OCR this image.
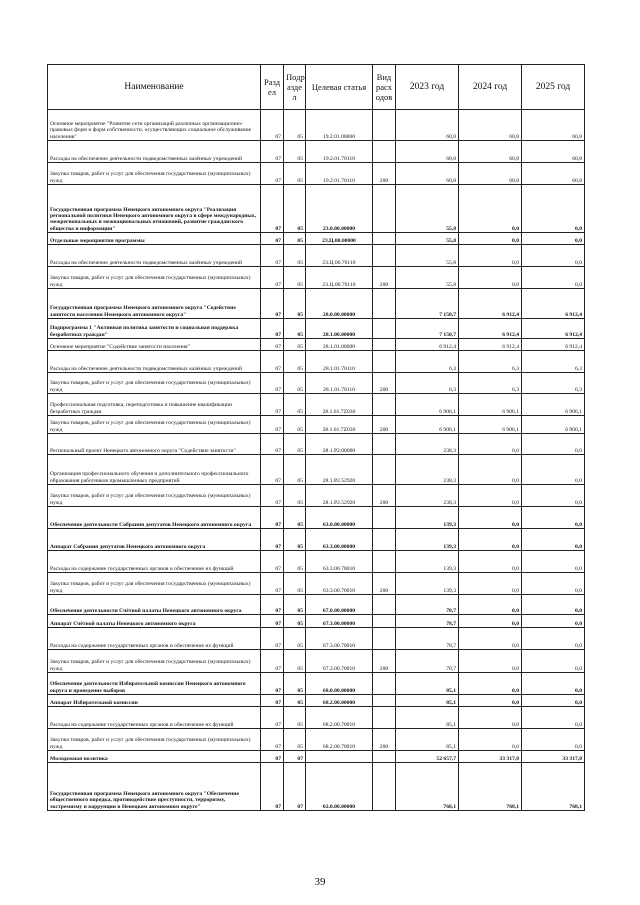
Наименование	Разд ел	Подр азде л	Целевая статья	Вид расх одов	2023 год	2024 год	2025 год
Основное мероприятие "Развитие сети организаций различных организационно-правовых форм и форм собственности, осуществляющих социальное обслуживание населения"	07	05	19.2.01.00000		60,8	60,8	60,8
Расходы на обеспечение деятельности подведомственных казённых учреждений	07	05	19.2.01.70110		60,8	60,8	60,8
Закупка товаров, работ и услуг для обеспечения государственных (муниципальных) нужд	07	05	19.2.01.70110	200	60,8	60,8	60,8
Государственная программа Ненецкого автономного округа "Реализация региональной политики Ненецкого автономного округа в сфере международных, межрегиональных и межнациональных отношений, развитие гражданского общества и информации"	07	05	23.0.00.00000		55,8	0,0	0,0
Отдельные мероприятия программы	07	05	23.Ц.00.00000		55,8	0,0	0,0
Расходы на обеспечение деятельности подведомственных казённых учреждений	07	05	23.Ц.00.70110		55,8	0,0	0,0
Закупка товаров, работ и услуг для обеспечения государственных (муниципальных) нужд	07	05	23.Ц.00.70110	200	55,8	0,0	0,0
Государственная программа Ненецкого автономного округа "Содействие занятости населения Ненецкого автономного округа"	07	05	28.0.00.00000		7 150,7	6 912,4	6 912,4
Подпрограмма 1 "Активная политика занятости и социальная поддержка безработных граждан"	07	05	28.1.00.00000		7 150,7	6 912,4	6 912,4
Основное мероприятие "Содействие занятости населения"	07	05	28.1.01.00000		6 912,4	6 912,4	6 912,4
Расходы на обеспечение деятельности подведомственных казённых учреждений	07	05	28.1.01.70110		6,3	6,3	6,3
Закупка товаров, работ и услуг для обеспечения государственных (муниципальных) нужд	07	05	28.1.01.70110	200	6,3	6,3	6,3
Профессиональная подготовка, переподготовка и повышение квалификации безработных граждан	07	05	28.1.01.7Z030		6 906,1	6 906,1	6 906,1
Закупка товаров, работ и услуг для обеспечения государственных (муниципальных) нужд	07	05	28.1.01.7Z030	200	6 906,1	6 906,1	6 906,1
Региональный проект Ненецкого автономного округа "Содействие занятости"	07	05	28.1.P2.00000		238,3	0,0	0,0
Организация профессионального обучения и дополнительного профессионального образования работников промышленных предприятий	07	05	28.1.P2.52920		238,3	0,0	0,0
Закупка товаров, работ и услуг для обеспечения государственных (муниципальных) нужд	07	05	28.1.P2.52920	200	238,3	0,0	0,0
Обеспечение деятельности Собрания депутатов Ненецкого автономного округа	07	05	63.0.00.00000		139,3	0,0	0,0
Аппарат Собрания депутатов Ненецкого автономного округа	07	05	63.3.00.00000		139,3	0,0	0,0
Расходы на содержание государственных органов и обеспечение их функций	07	05	63.3.00.70010		139,3	0,0	0,0
Закупка товаров, работ и услуг для обеспечения государственных (муниципальных) нужд	07	05	63.3.00.70010	200	139,3	0,0	0,0
Обеспечение деятельности Счётной палаты Ненецкого автономного округа	07	05	67.0.00.00000		78,7	0,0	0,0
Аппарат Счётной палаты Ненецкого автономного округа	07	05	67.3.00.00000		78,7	0,0	0,0
Расходы на содержание государственных органов и обеспечение их функций	07	05	67.3.00.70010		78,7	0,0	0,0
Закупка товаров, работ и услуг для обеспечения государственных (муниципальных) нужд	07	05	67.3.00.70010	200	78,7	0,0	0,0
Обеспечение деятельности Избирательной комиссии Ненецкого автономного округа и проведение выборов	07	05	68.0.00.00000		85,1	0,0	0,0
Аппарат Избирательной комиссии	07	05	68.2.00.00000		85,1	0,0	0,0
Расходы на содержание государственных органов и обеспечение их функций	07	05	68.2.00.70010		85,1	0,0	0,0
Закупка товаров, работ и услуг для обеспечения государственных (муниципальных) нужд	07	05	68.2.00.70010	200	85,1	0,0	0,0
Молодежная политика	07	07			52 657,7	33 317,8	33 317,8
Государственная программа Ненецкого автономного округа "Обеспечение общественного порядка, противодействие преступности, терроризму, экстремизму и коррупции в Ненецком автономном округе"	07	07	02.0.00.00000		768,1	768,1	768,1
39
